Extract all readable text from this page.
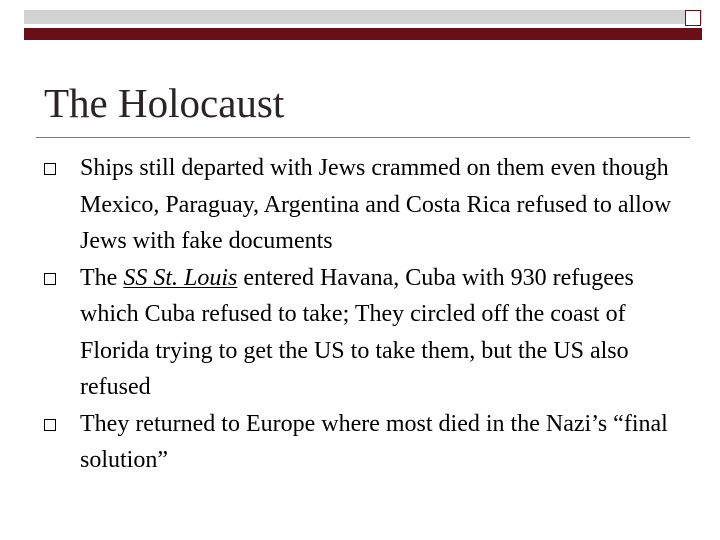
The Holocaust
Ships still departed with Jews crammed on them even though Mexico, Paraguay, Argentina and Costa Rica refused to allow Jews with fake documents
The SS St. Louis entered Havana, Cuba with 930 refugees which Cuba refused to take; They circled off the coast of Florida trying to get the US to take them, but the US also refused
They returned to Europe where most died in the Nazi’s “final solution”
